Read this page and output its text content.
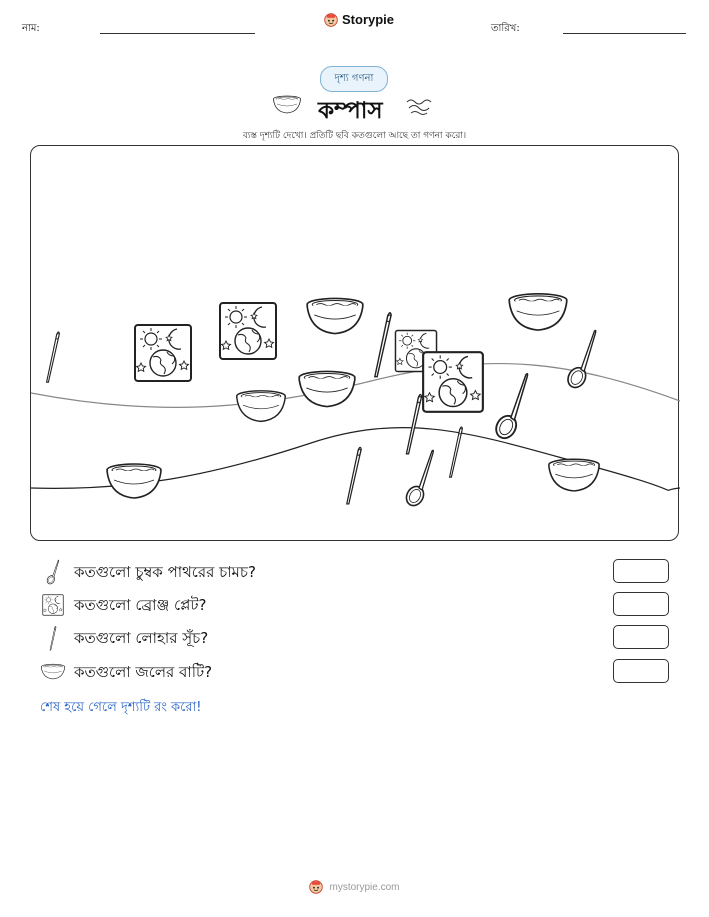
নাম:
Storypie
তারিখ:
দৃশ্য গণনা
কম্পাস
ব্যস্ত দৃশ্যটি দেখো। প্রতিটি ছবি কতগুলো আছে তা গণনা করো।
কতগুলো চুম্বক পাথরের চামচ?
কতগুলো ব্রোঞ্জ প্লেট?
কতগুলো লোহার সূঁচ?
কতগুলো জলের বাটি?
শেষ হয়ে গেলে দৃশ্যটি রং করো!
mystorypie.com
